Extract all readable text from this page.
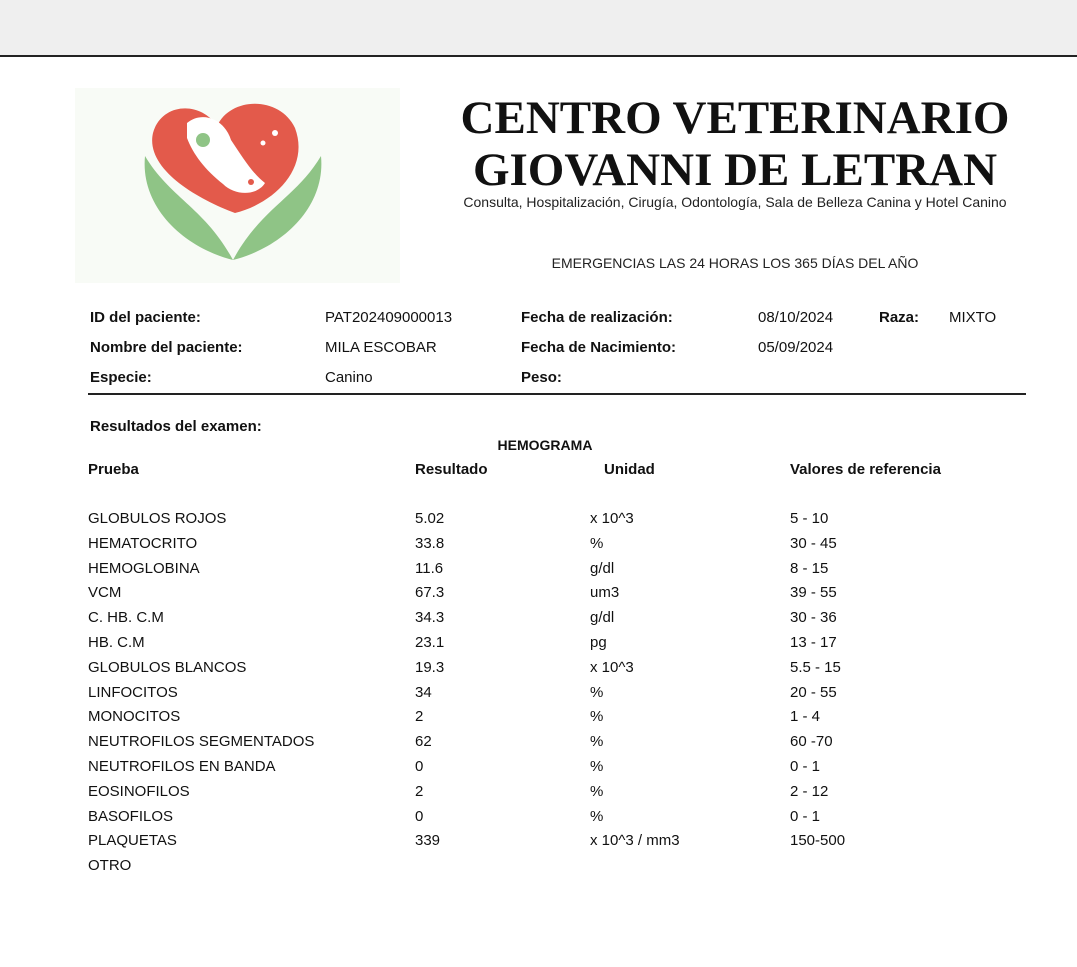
CENTRO VETERINARIO
GIOVANNI DE LETRAN
Consulta, Hospitalización, Cirugía, Odontología, Sala de Belleza Canina y Hotel Canino
EMERGENCIAS LAS 24 HORAS LOS 365 DÍAS DEL AÑO
ID del paciente:	PAT202409000013
Nombre del paciente:	MILA ESCOBAR
Especie:	Canino
Fecha de realización:	08/10/2024
Fecha de Nacimiento:	05/09/2024
Peso:
Raza: MIXTO
Resultados del examen:
HEMOGRAMA
Prueba	Resultado	Unidad	Valores de referencia
GLOBULOS ROJOS	5.02	x 10^3	5 - 10
HEMATOCRITO	33.8	%	30 - 45
HEMOGLOBINA	11.6	g/dl	8 - 15
VCM	67.3	um3	39 - 55
C. HB. C.M	34.3	g/dl	30 - 36
HB. C.M	23.1	pg	13 - 17
GLOBULOS BLANCOS	19.3	x 10^3	5.5 - 15
LINFOCITOS	34	%	20 - 55
MONOCITOS	2	%	1 - 4
NEUTROFILOS SEGMENTADOS	62	%	60 -70
NEUTROFILOS EN BANDA	0	%	0 - 1
EOSINOFILOS	2	%	2 - 12
BASOFILOS	0	%	0 - 1
PLAQUETAS	339	x 10^3 / mm3	150-500
OTRO
